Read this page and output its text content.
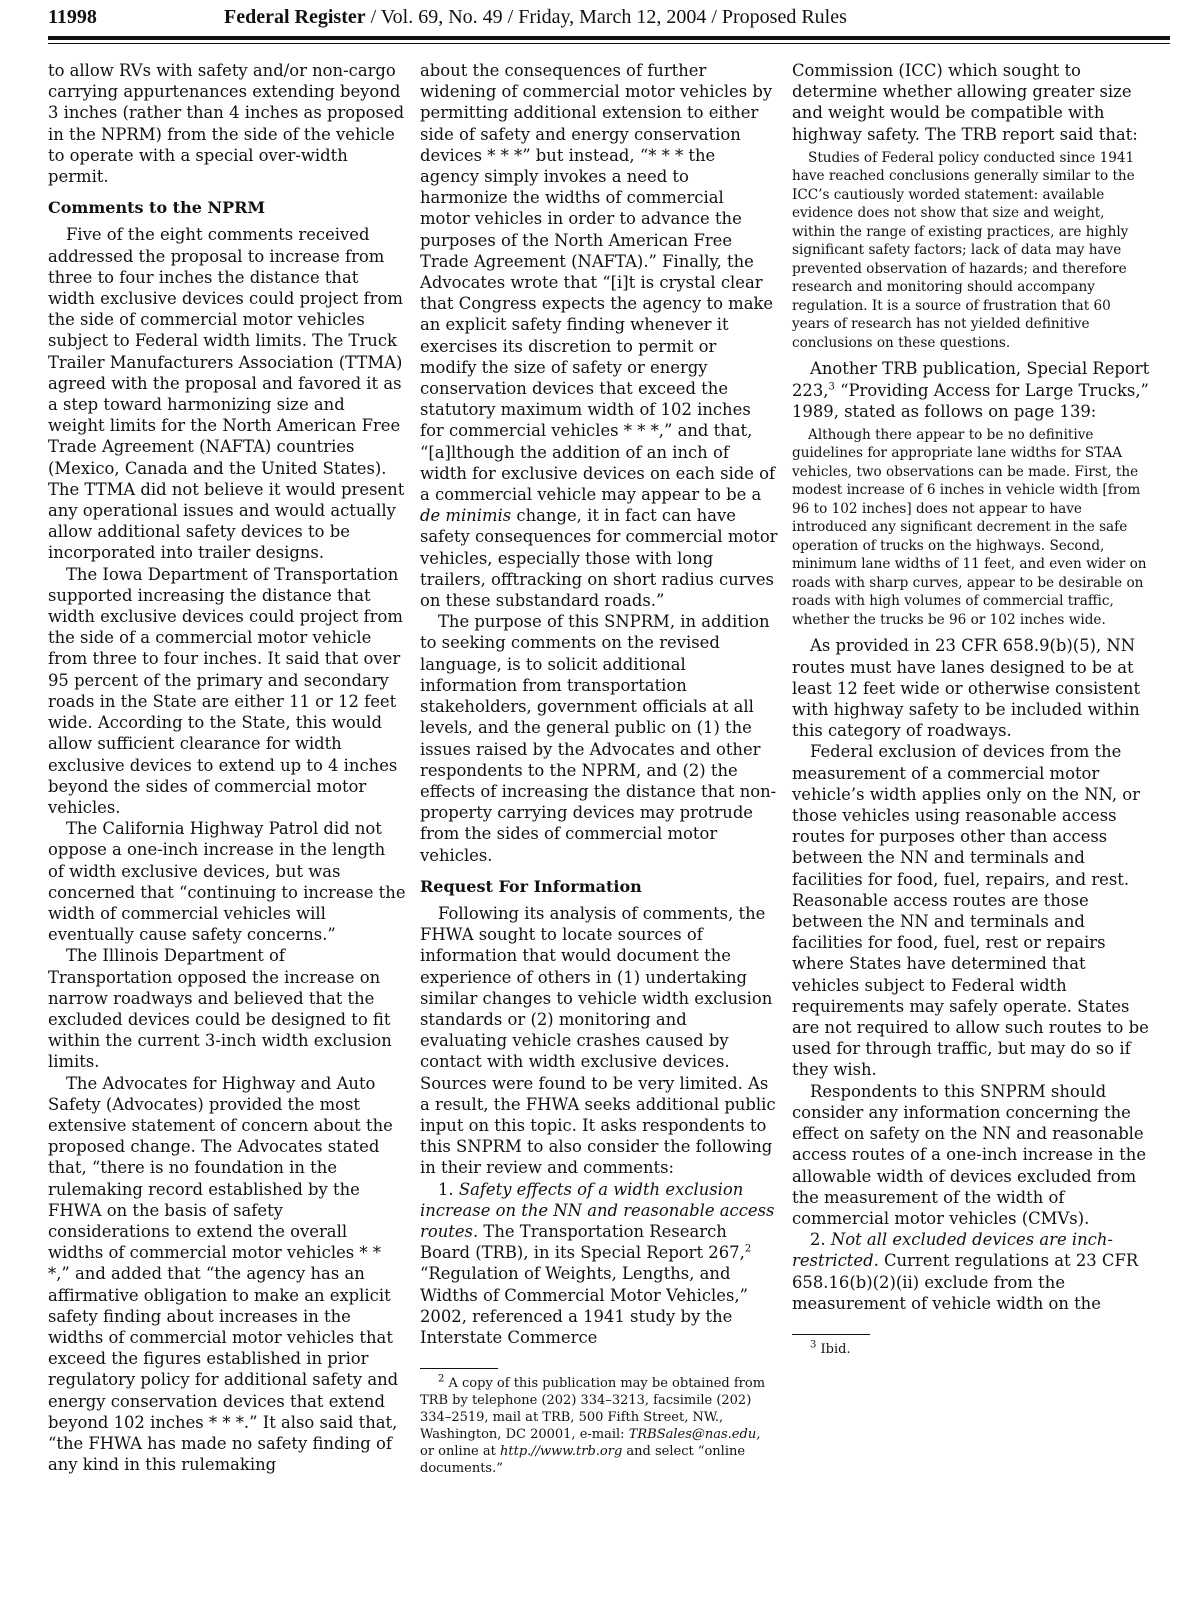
11998	Federal Register / Vol. 69, No. 49 / Friday, March 12, 2004 / Proposed Rules

to allow RVs with safety and/or non-cargo carrying appurtenances extending beyond 3 inches (rather than 4 inches as proposed in the NPRM) from the side of the vehicle to operate with a special over-width permit.

Comments to the NPRM

Five of the eight comments received addressed the proposal to increase from three to four inches the distance that width exclusive devices could project from the side of commercial motor vehicles subject to Federal width limits. The Truck Trailer Manufacturers Association (TTMA) agreed with the proposal and favored it as a step toward harmonizing size and weight limits for the North American Free Trade Agreement (NAFTA) countries (Mexico, Canada and the United States). The TTMA did not believe it would present any operational issues and would actually allow additional safety devices to be incorporated into trailer designs.

The Iowa Department of Transportation supported increasing the distance that width exclusive devices could project from the side of a commercial motor vehicle from three to four inches. It said that over 95 percent of the primary and secondary roads in the State are either 11 or 12 feet wide. According to the State, this would allow sufficient clearance for width exclusive devices to extend up to 4 inches beyond the sides of commercial motor vehicles.

The California Highway Patrol did not oppose a one-inch increase in the length of width exclusive devices, but was concerned that “continuing to increase the width of commercial vehicles will eventually cause safety concerns.”

The Illinois Department of Transportation opposed the increase on narrow roadways and believed that the excluded devices could be designed to fit within the current 3-inch width exclusion limits.

The Advocates for Highway and Auto Safety (Advocates) provided the most extensive statement of concern about the proposed change. The Advocates stated that, “there is no foundation in the rulemaking record established by the FHWA on the basis of safety considerations to extend the overall widths of commercial motor vehicles * * *,” and added that “the agency has an affirmative obligation to make an explicit safety finding about increases in the widths of commercial motor vehicles that exceed the figures established in prior regulatory policy for additional safety and energy conservation devices that extend beyond 102 inches * * *.” It also said that, “the FHWA has made no safety finding of any kind in this rulemaking

about the consequences of further widening of commercial motor vehicles by permitting additional extension to either side of safety and energy conservation devices * * *” but instead, “* * * the agency simply invokes a need to harmonize the widths of commercial motor vehicles in order to advance the purposes of the North American Free Trade Agreement (NAFTA).” Finally, the Advocates wrote that “[i]t is crystal clear that Congress expects the agency to make an explicit safety finding whenever it exercises its discretion to permit or modify the size of safety or energy conservation devices that exceed the statutory maximum width of 102 inches for commercial vehicles * * *,” and that, “[a]lthough the addition of an inch of width for exclusive devices on each side of a commercial vehicle may appear to be a de minimis change, it in fact can have safety consequences for commercial motor vehicles, especially those with long trailers, offtracking on short radius curves on these substandard roads.”

The purpose of this SNPRM, in addition to seeking comments on the revised language, is to solicit additional information from transportation stakeholders, government officials at all levels, and the general public on (1) the issues raised by the Advocates and other respondents to the NPRM, and (2) the effects of increasing the distance that non-property carrying devices may protrude from the sides of commercial motor vehicles.

Request For Information

Following its analysis of comments, the FHWA sought to locate sources of information that would document the experience of others in (1) undertaking similar changes to vehicle width exclusion standards or (2) monitoring and evaluating vehicle crashes caused by contact with width exclusive devices. Sources were found to be very limited. As a result, the FHWA seeks additional public input on this topic. It asks respondents to this SNPRM to also consider the following in their review and comments:

1. Safety effects of a width exclusion increase on the NN and reasonable access routes. The Transportation Research Board (TRB), in its Special Report 267,$^2$ “Regulation of Weights, Lengths, and Widths of Commercial Motor Vehicles,” 2002, referenced a 1941 study by the Interstate Commerce

$^2$ A copy of this publication may be obtained from TRB by telephone (202) 334–3213, facsimile (202) 334–2519, mail at TRB, 500 Fifth Street, NW., Washington, DC 20001, e-mail: TRBSales@nas.edu, or online at http.//www.trb.org and select “online documents.”

Commission (ICC) which sought to determine whether allowing greater size and weight would be compatible with highway safety. The TRB report said that:

Studies of Federal policy conducted since 1941 have reached conclusions generally similar to the ICC’s cautiously worded statement: available evidence does not show that size and weight, within the range of existing practices, are highly significant safety factors; lack of data may have prevented observation of hazards; and therefore research and monitoring should accompany regulation. It is a source of frustration that 60 years of research has not yielded definitive conclusions on these questions.

Another TRB publication, Special Report 223,$^3$ “Providing Access for Large Trucks,” 1989, stated as follows on page 139:

Although there appear to be no definitive guidelines for appropriate lane widths for STAA vehicles, two observations can be made. First, the modest increase of 6 inches in vehicle width [from 96 to 102 inches] does not appear to have introduced any significant decrement in the safe operation of trucks on the highways. Second, minimum lane widths of 11 feet, and even wider on roads with sharp curves, appear to be desirable on roads with high volumes of commercial traffic, whether the trucks be 96 or 102 inches wide.

As provided in 23 CFR 658.9(b)(5), NN routes must have lanes designed to be at least 12 feet wide or otherwise consistent with highway safety to be included within this category of roadways.

Federal exclusion of devices from the measurement of a commercial motor vehicle’s width applies only on the NN, or those vehicles using reasonable access routes for purposes other than access between the NN and terminals and facilities for food, fuel, repairs, and rest. Reasonable access routes are those between the NN and terminals and facilities for food, fuel, rest or repairs where States have determined that vehicles subject to Federal width requirements may safely operate. States are not required to allow such routes to be used for through traffic, but may do so if they wish.

Respondents to this SNPRM should consider any information concerning the effect on safety on the NN and reasonable access routes of a one-inch increase in the allowable width of devices excluded from the measurement of the width of commercial motor vehicles (CMVs).

2. Not all excluded devices are inch-restricted. Current regulations at 23 CFR 658.16(b)(2)(ii) exclude from the measurement of vehicle width on the

$^3$ Ibid.
